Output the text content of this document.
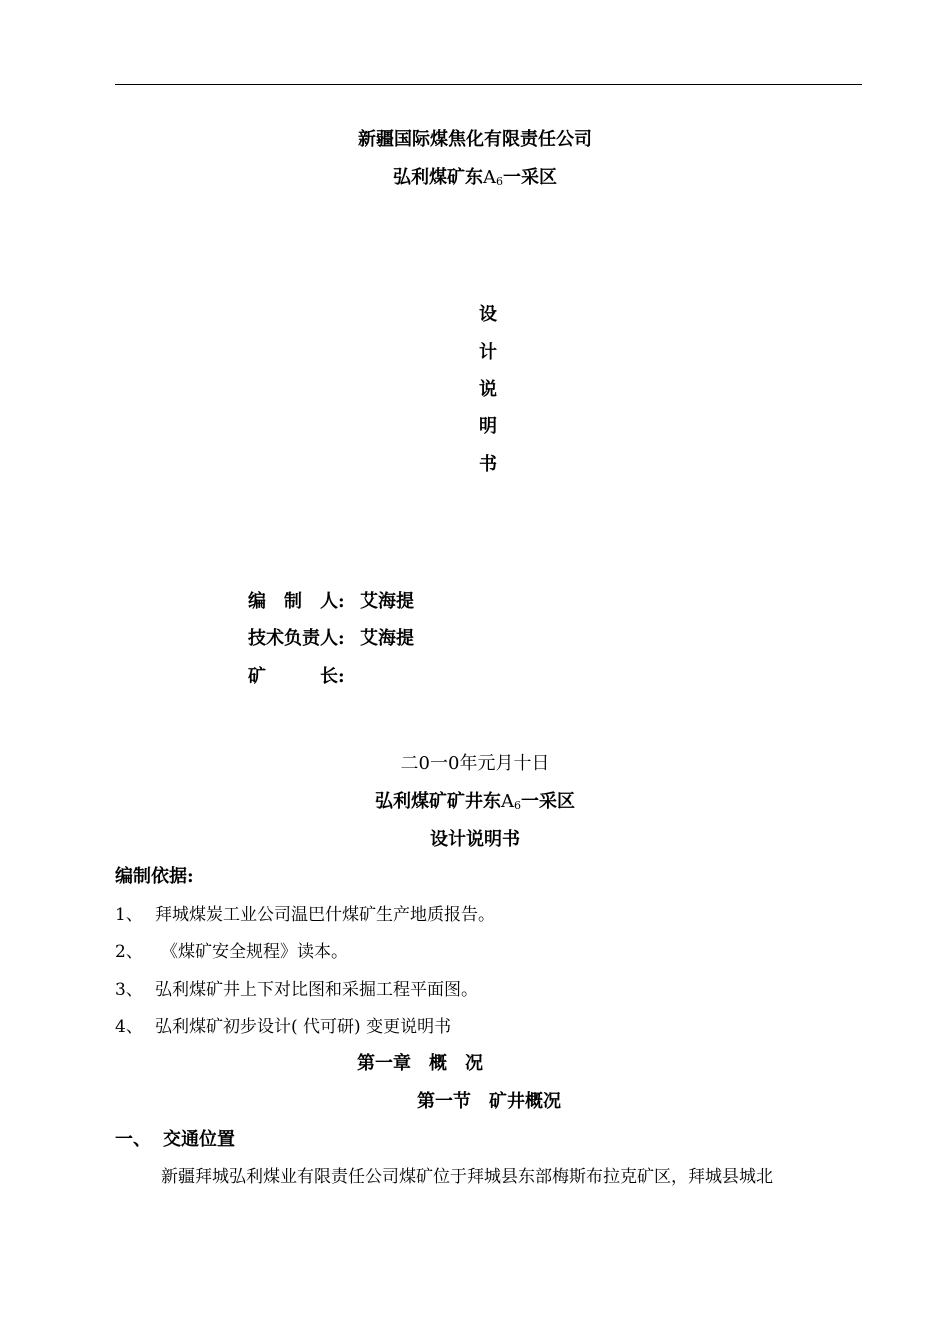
新疆国际煤焦化有限责任公司
弘利煤矿东$A_6$一采区
设
计
说
明
书
编　制　人: 艾海提
技术负责人: 艾海提
矿　　　长:
二0一0年元月十日
弘利煤矿矿井东$A_6$一采区
设计说明书
编制依据:
1、 拜城煤炭工业公司温巴什煤矿生产地质报告。
2、 《煤矿安全规程》读本。
3、 弘利煤矿井上下对比图和采掘工程平面图。
4、 弘利煤矿初步设计( 代可研) 变更说明书
第一章　概　况
第一节　矿井概况
一、 交通位置
新疆拜城弘利煤业有限责任公司煤矿位于拜城县东部梅斯布拉克矿区，拜城县城北
